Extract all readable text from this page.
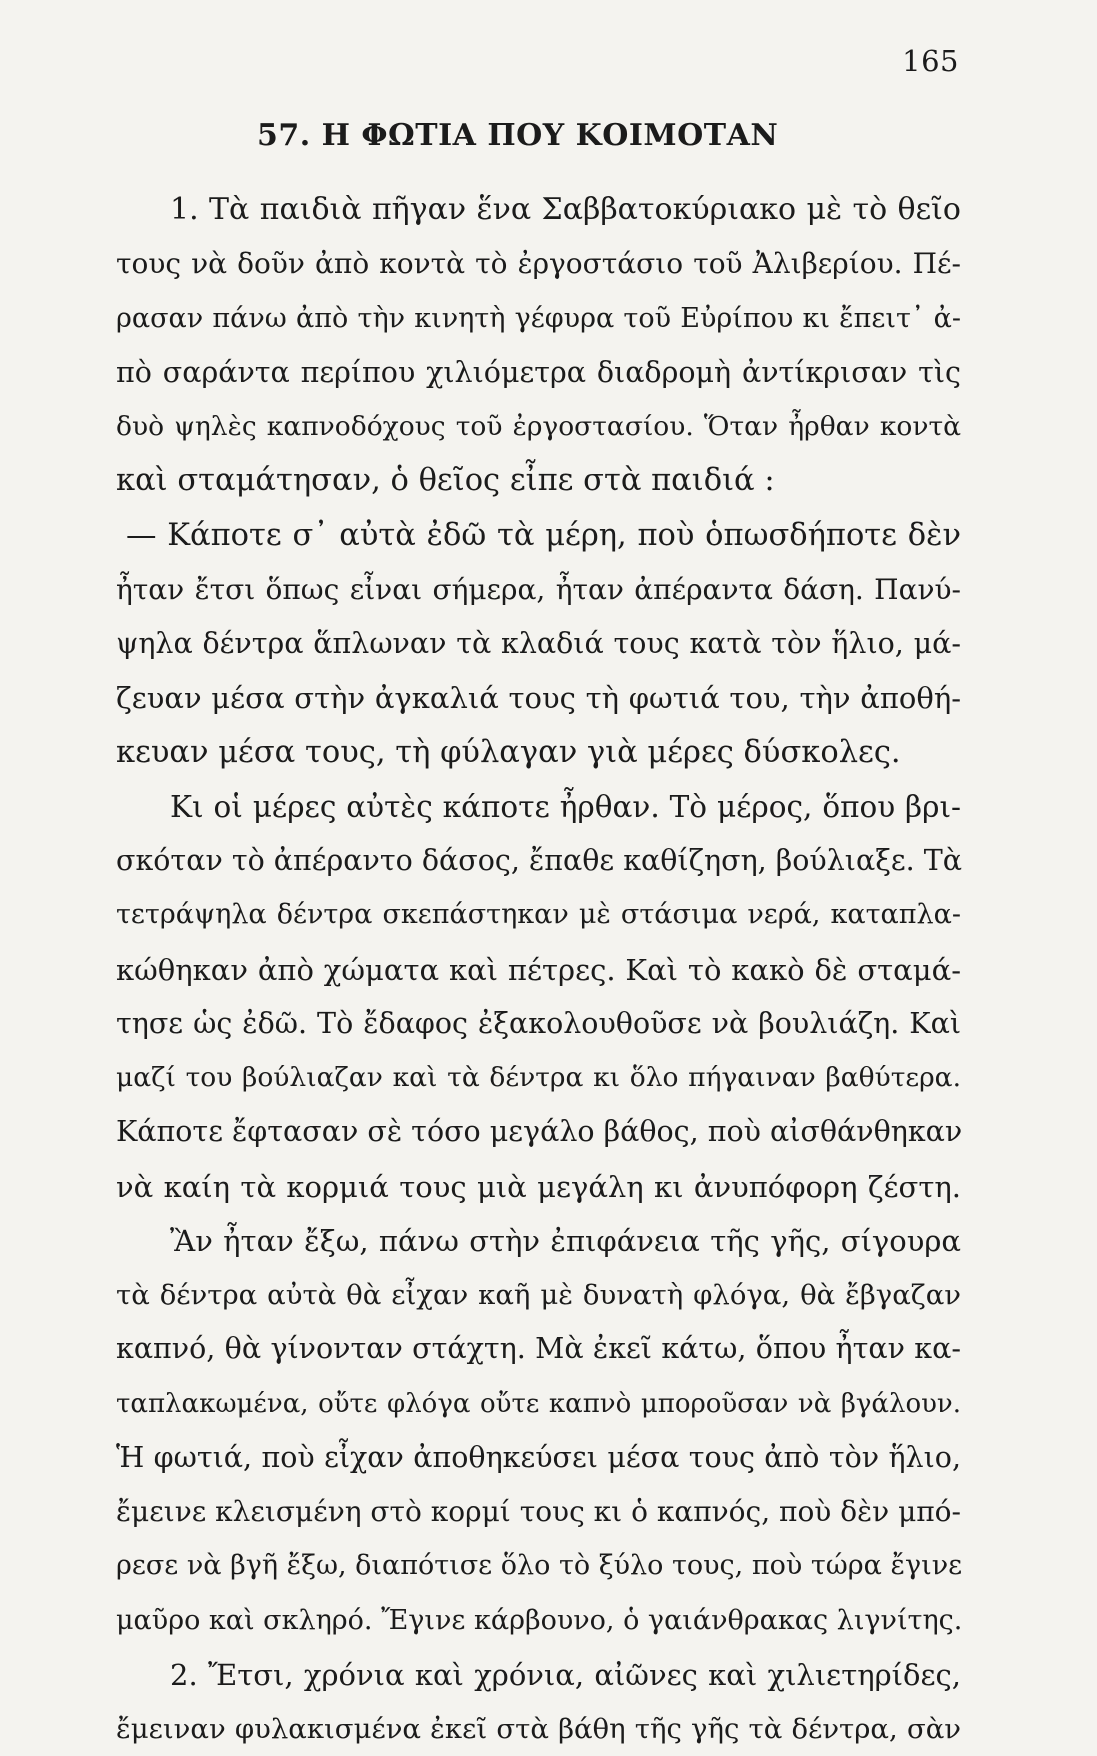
165
57. Η ΦΩΤΙΑ ΠΟΥ ΚΟΙΜΟΤΑΝ
1. Τὰ παιδιὰ πῆγαν ἕνα Σαββατοκύριακο μὲ τὸ θεῖο
τους νὰ δοῦν ἀπὸ κοντὰ τὸ ἐργοστάσιο τοῦ Ἀλιβερίου. Πέ-
ρασαν πάνω ἀπὸ τὴν κινητὴ γέφυρα τοῦ Εὐρίπου κι ἔπειτ᾿ ἀ-
πὸ σαράντα περίπου χιλιόμετρα διαδρομὴ ἀντίκρισαν τὶς
δυὸ ψηλὲς καπνοδόχους τοῦ ἐργοστασίου. Ὅταν ἦρθαν κοντὰ
καὶ σταμάτησαν, ὁ θεῖος εἶπε στὰ παιδιά :
— Κάποτε σ᾿ αὐτὰ ἐδῶ τὰ μέρη, ποὺ ὁπωσδήποτε δὲν
ἦταν ἔτσι ὅπως εἶναι σήμερα, ἦταν ἀπέραντα δάση. Πανύ-
ψηλα δέντρα ἅπλωναν τὰ κλαδιά τους κατὰ τὸν ἥλιο, μά-
ζευαν μέσα στὴν ἀγκαλιά τους τὴ φωτιά του, τὴν ἀποθή-
κευαν μέσα τους, τὴ φύλαγαν γιὰ μέρες δύσκολες.
Κι οἱ μέρες αὐτὲς κάποτε ἦρθαν. Τὸ μέρος, ὅπου βρι-
σκόταν τὸ ἀπέραντο δάσος, ἔπαθε καθίζηση, βούλιαξε. Τὰ
τετράψηλα δέντρα σκεπάστηκαν μὲ στάσιμα νερά, καταπλα-
κώθηκαν ἀπὸ χώματα καὶ πέτρες. Καὶ τὸ κακὸ δὲ σταμά-
τησε ὡς ἐδῶ. Τὸ ἔδαφος ἐξακολουθοῦσε νὰ βουλιάζη. Καὶ
μαζί του βούλιαζαν καὶ τὰ δέντρα κι ὅλο πήγαιναν βαθύτερα.
Κάποτε ἔφτασαν σὲ τόσο μεγάλο βάθος, ποὺ αἰσθάνθηκαν
νὰ καίη τὰ κορμιά τους μιὰ μεγάλη κι ἀνυπόφορη ζέστη.
Ἂν ἦταν ἔξω, πάνω στὴν ἐπιφάνεια τῆς γῆς, σίγουρα
τὰ δέντρα αὐτὰ θὰ εἶχαν καῆ μὲ δυνατὴ φλόγα, θὰ ἔβγαζαν
καπνό, θὰ γίνονταν στάχτη. Μὰ ἐκεῖ κάτω, ὅπου ἦταν κα-
ταπλακωμένα, οὔτε φλόγα οὔτε καπνὸ μποροῦσαν νὰ βγάλουν.
Ἡ φωτιά, ποὺ εἶχαν ἀποθηκεύσει μέσα τους ἀπὸ τὸν ἥλιο,
ἔμεινε κλεισμένη στὸ κορμί τους κι ὁ καπνός, ποὺ δὲν μπό-
ρεσε νὰ βγῆ ἔξω, διαπότισε ὅλο τὸ ξύλο τους, ποὺ τώρα ἔγινε
μαῦρο καὶ σκληρό. Ἔγινε κάρβουνο, ὁ γαιάνθρακας λιγνίτης.
2. Ἔτσι, χρόνια καὶ χρόνια, αἰῶνες καὶ χιλιετηρίδες,
ἔμειναν φυλακισμένα ἐκεῖ στὰ βάθη τῆς γῆς τὰ δέντρα, σὰν
